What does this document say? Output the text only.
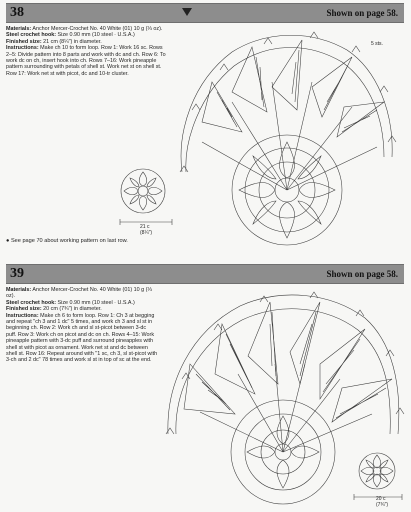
38	Shown on page 58.

Materials: Anchor Mercer-Crochet No. 40 White (01) 10 g (⅓ oz).

Steel crochet hook: Size 0.90 mm (10 steel · U.S.A.)

Finished size: 21 cm (8¼") in diameter.

Instructions: Make ch 10 to form loop. Row 1: Work 16 sc. Rows 2–5: Divide pattern into 8 parts and work with dc and ch. Row 6: To work dc on ch, insert hook into ch. Rows 7–16: Work pineapple pattern surrounding with petals of shell st. Work net st on shell st. Row 17: Work net st with picot, dc and 10-tr cluster.

21 c
(8¼")
● See page 70 about working pattern on last row.
5 sts.
39	Shown on page 58.

Materials: Anchor Mercer-Crochet No. 40 White (01) 10 g (⅓ oz).

Steel crochet hook: Size 0.90 mm (10 steel · U.S.A.)

Finished size: 20 cm (7¾") in diameter.

Instructions: Make ch 6 to form loop. Row 1: Ch 3 at begging and repeat "ch 3 and 1 dc" 5 times, and work ch 3 and sl st in beginning ch. Row 2: Work ch and sl st-picot between 3-dc puff. Row 3: Work ch on picot and dc on ch. Rows 4–15: Work pineapple pattern with 3-dc puff and surround pineapples with shell st with picot as ornament. Work net st and dc between shell st. Row 16: Repeat around with "1 sc, ch 3, sl st-picot with 3-ch and 2 dc" 78 times and work sl st in top of sc at the end.

20 c
(7¾")
